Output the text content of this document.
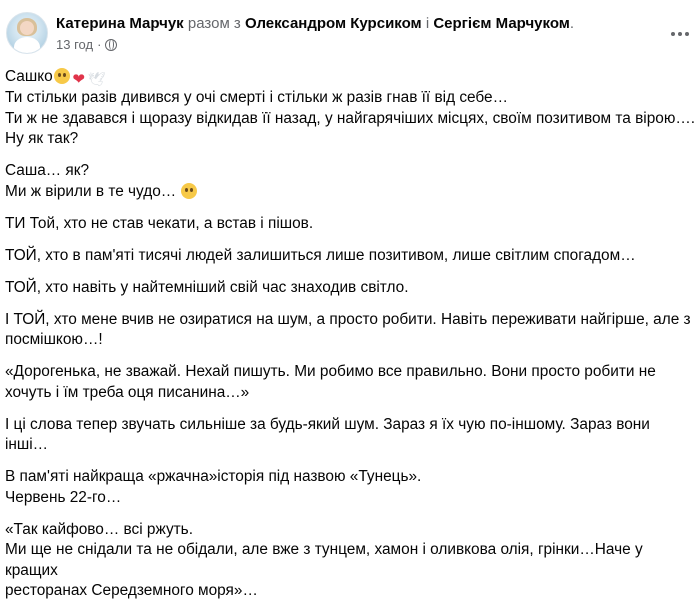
Катерина Марчук разом з Олександром Курсиком і Сергієм Марчуком.
13 год ·

Сашко ❤ 🕊

Ти стільки разів дивився у очі смерті і стільки ж разів гнав її від себе…

Ти ж не здавався і щоразу відкидав її назад, у найгарячіших місцях, своїм позитивом та вірою….

Ну як так?

Саша… як?

Ми ж вірили в те чудо…

ТИ Той, хто не став чекати, а встав і пішов.

ТОЙ, хто в пам'яті тисячі людей залишиться лише позитивом, лише світлим спогадом…

ТОЙ, хто навіть у найтемніший свій час знаходив світло.

І ТОЙ, хто мене вчив не озиратися на шум, а просто робити. Навіть переживати найгірше, але з

посмішкою…!

«Дорогенька, не зважай. Нехай пишуть. Ми робимо все правильно. Вони просто робити не

хочуть і їм треба оця писанина…»

І ці слова тепер звучать сильніше за будь-який шум. Зараз я їх чую по-іншому. Зараз вони інші…

В пам'яті найкраща «ржачна»історія під назвою «Тунець».

Червень 22-го…

«Так кайфово… всі ржуть.

Ми ще не снідали та не обідали, але вже з тунцем, хамон і оливкова олія, грінки…Наче у кращих

ресторанах Середземного моря»…
